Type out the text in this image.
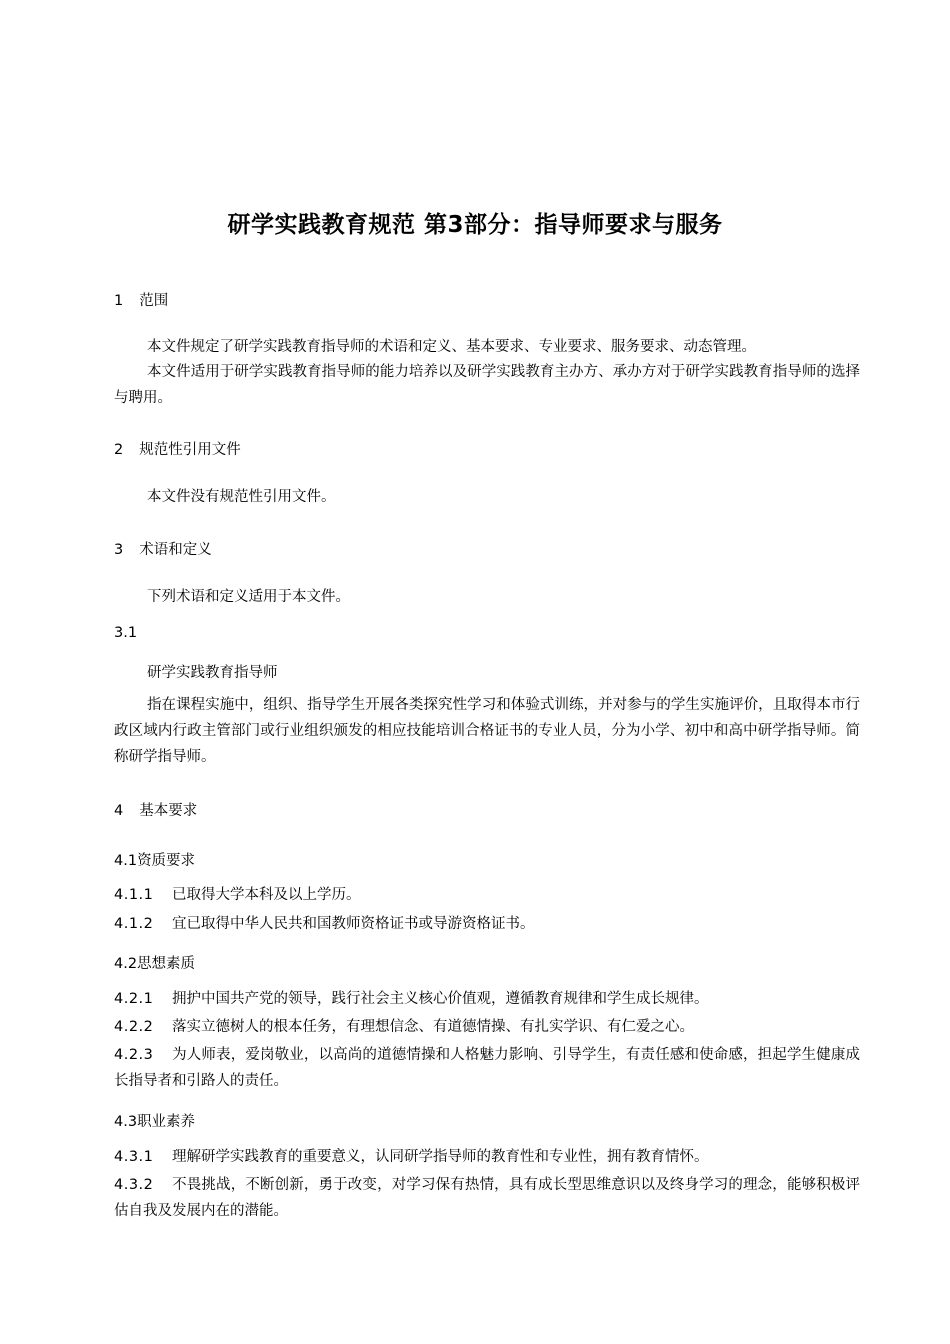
研学实践教育规范 第3部分：指导师要求与服务
1 范围

本文件规定了研学实践教育指导师的术语和定义、基本要求、专业要求、服务要求、动态管理。

本文件适用于研学实践教育指导师的能力培养以及研学实践教育主办方、承办方对于研学实践教育指导师的选择与聘用。

2 规范性引用文件

本文件没有规范性引用文件。

3 术语和定义

下列术语和定义适用于本文件。

3.1
研学实践教育指导师

指在课程实施中，组织、指导学生开展各类探究性学习和体验式训练，并对参与的学生实施评价，且取得本市行政区域内行政主管部门或行业组织颁发的相应技能培训合格证书的专业人员，分为小学、初中和高中研学指导师。简称研学指导师。

4 基本要求
4.1资质要求

4.1.1 已取得大学本科及以上学历。

4.1.2 宜已取得中华人民共和国教师资格证书或导游资格证书。

4.2思想素质

4.2.1 拥护中国共产党的领导，践行社会主义核心价值观，遵循教育规律和学生成长规律。

4.2.2 落实立德树人的根本任务，有理想信念、有道德情操、有扎实学识、有仁爱之心。

4.2.3 为人师表，爱岗敬业，以高尚的道德情操和人格魅力影响、引导学生，有责任感和使命感，担起学生健康成长指导者和引路人的责任。

4.3职业素养

4.3.1 理解研学实践教育的重要意义，认同研学指导师的教育性和专业性，拥有教育情怀。

4.3.2 不畏挑战，不断创新，勇于改变，对学习保有热情，具有成长型思维意识以及终身学习的理念，能够积极评估自我及发展内在的潜能。
